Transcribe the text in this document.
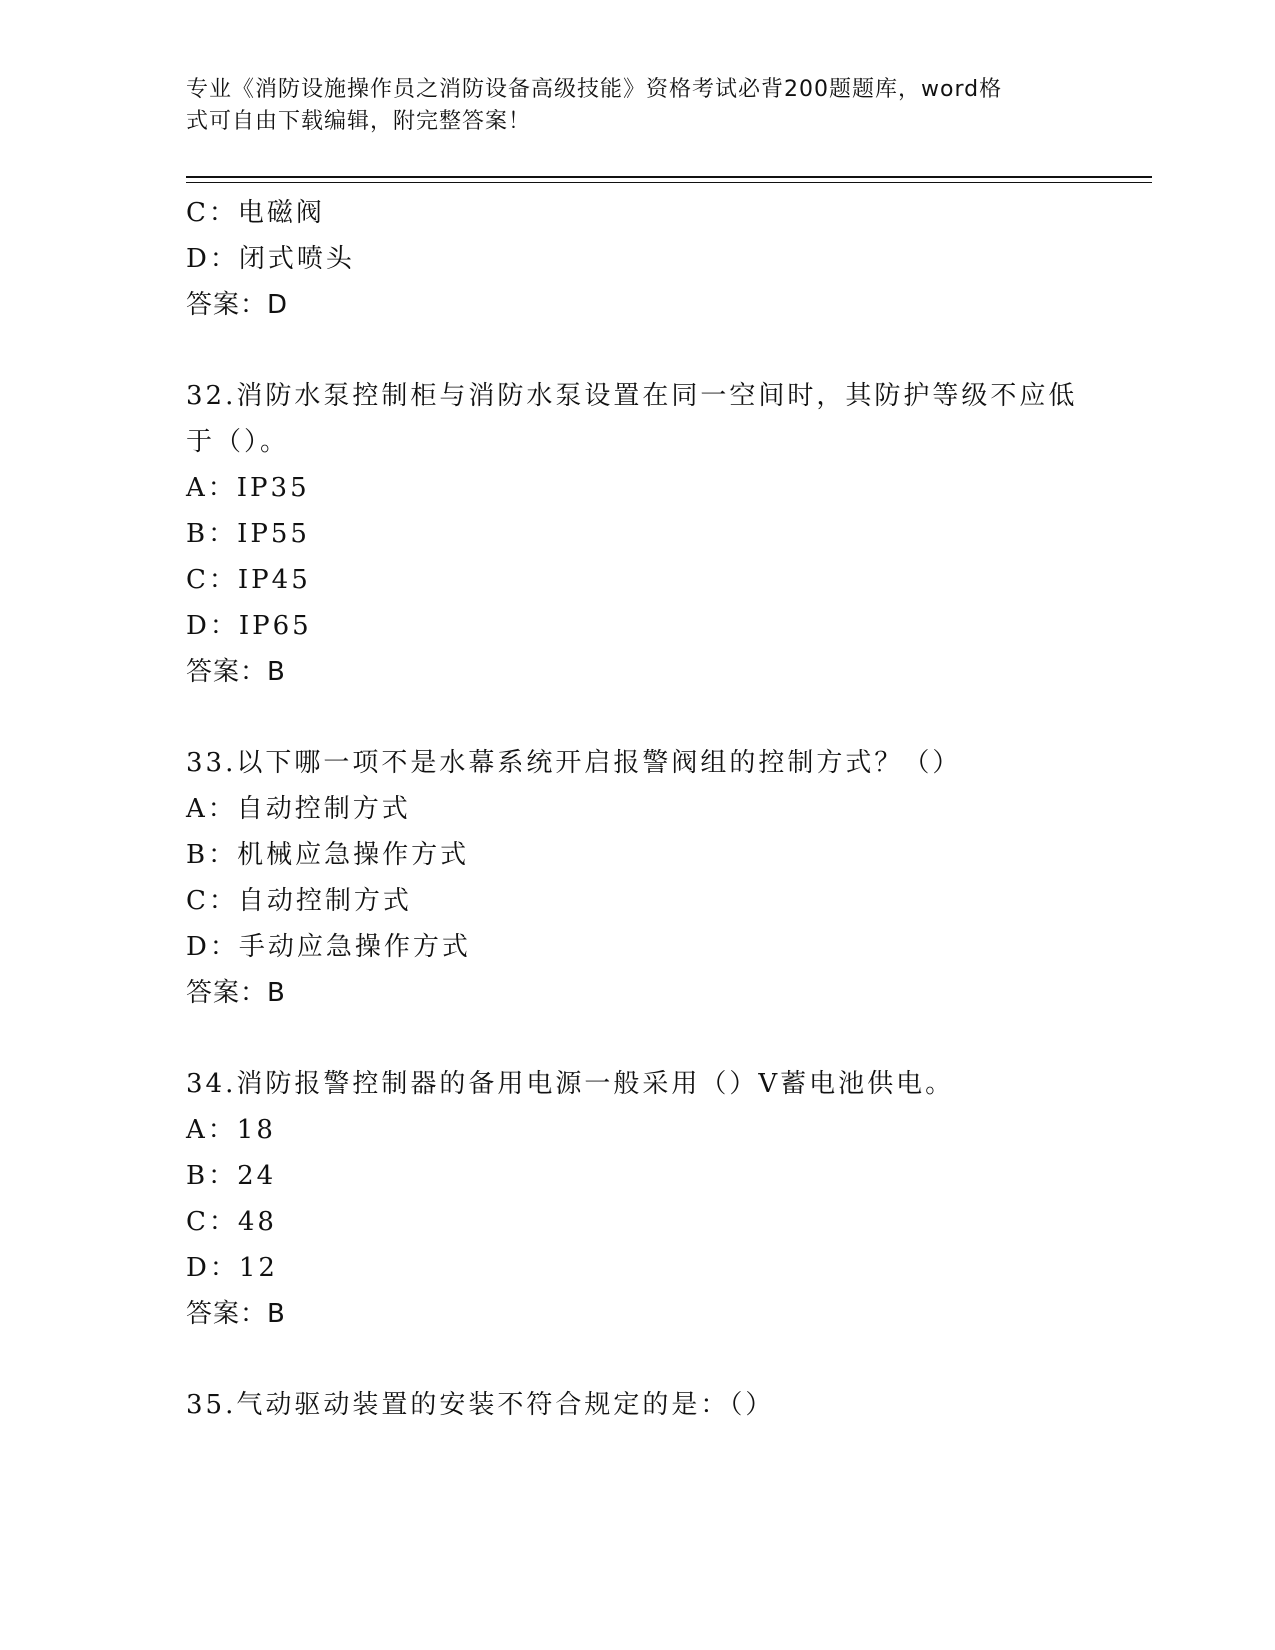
专业《消防设施操作员之消防设备高级技能》资格考试必背200题题库，word格
式可自由下载编辑，附完整答案！
C：电磁阀
D：闭式喷头
答案：D
32.消防水泵控制柜与消防水泵设置在同一空间时，其防护等级不应低
于（）。
A：IP35
B：IP55
C：IP45
D：IP65
答案：B
33.以下哪一项不是水幕系统开启报警阀组的控制方式？（）
A：自动控制方式
B：机械应急操作方式
C：自动控制方式
D：手动应急操作方式
答案：B
34.消防报警控制器的备用电源一般采用（）V蓄电池供电。
A：18
B：24
C：48
D：12
答案：B
35.气动驱动装置的安装不符合规定的是：（）
